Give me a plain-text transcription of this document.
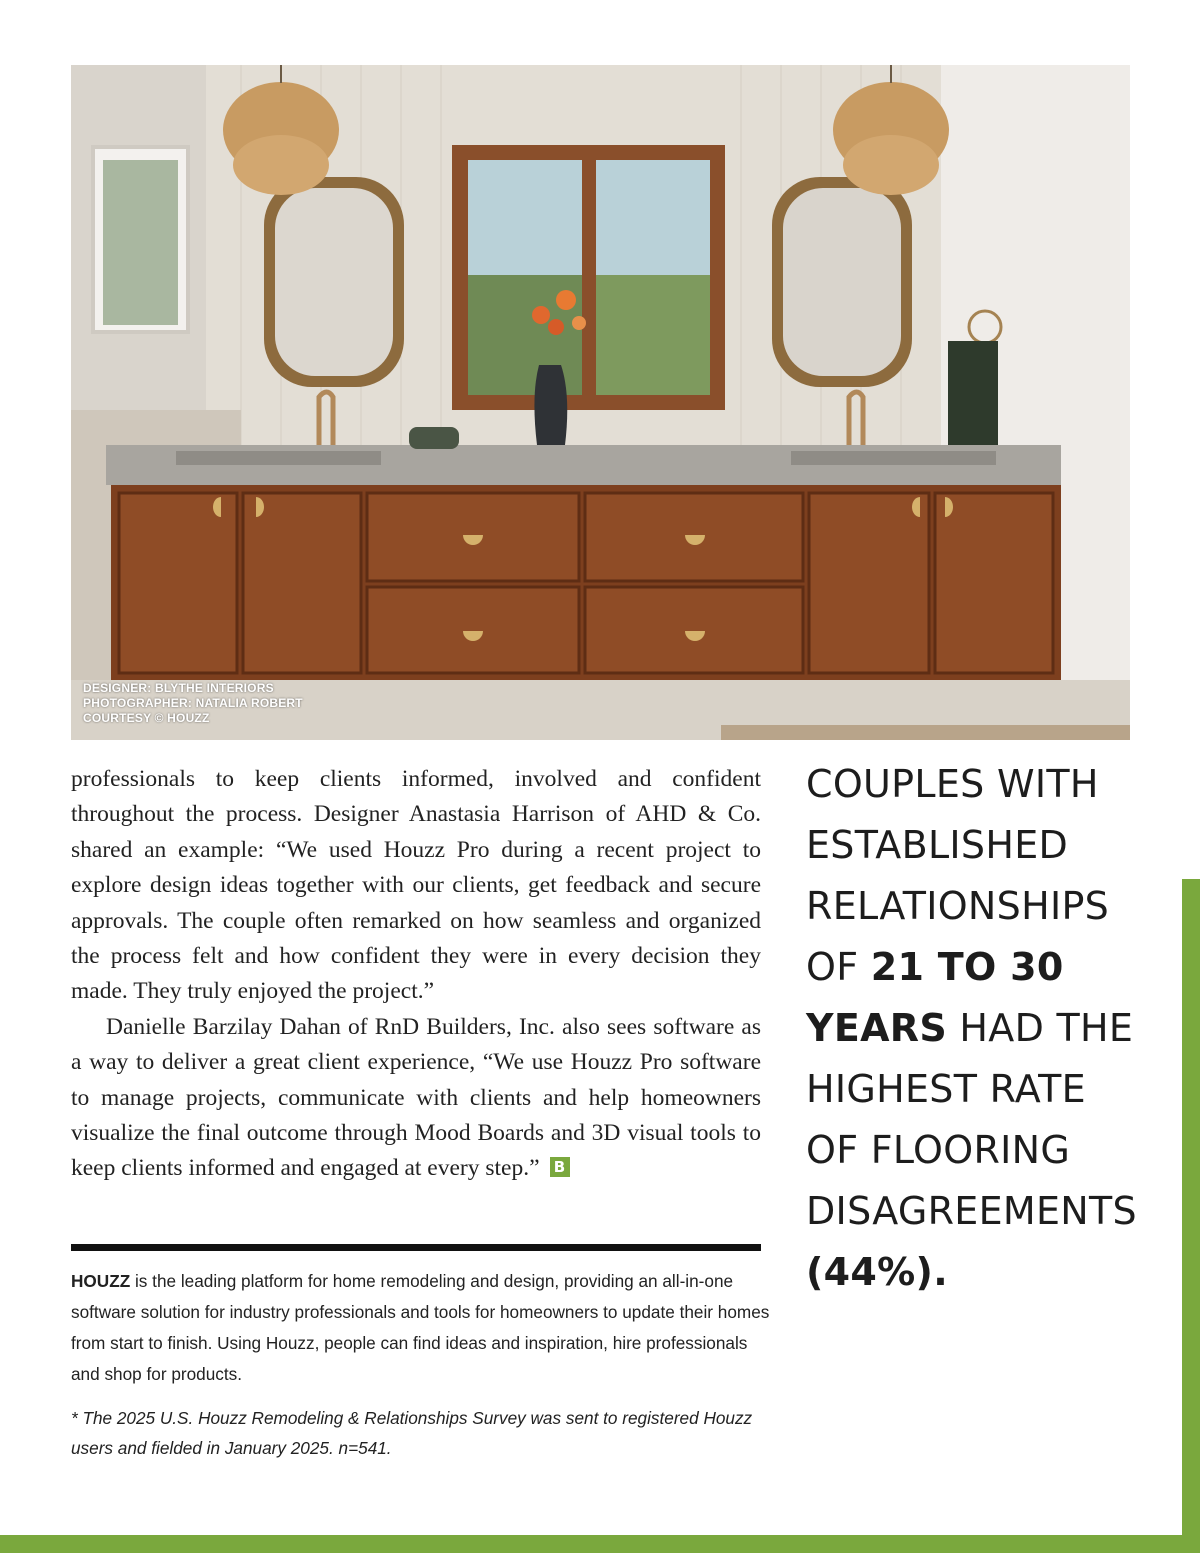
DESIGNER: BLYTHE INTERIORS
PHOTOGRAPHER: NATALIA ROBERT
COURTESY © HOUZZ

professionals to keep clients informed, involved and confident throughout the process. Designer Anastasia Harrison of AHD & Co. shared an example: “We used Houzz Pro during a recent project to explore design ideas together with our clients, get feedback and secure approvals. The couple often remarked on how seamless and organized the process felt and how confident they were in every decision they made. They truly enjoyed the project.”

Danielle Barzilay Dahan of RnD Builders, Inc. also sees software as a way to deliver a great client experience, “We use Houzz Pro software to manage projects, communicate with clients and help homeowners visualize the final outcome through Mood Boards and 3D visual tools to keep clients informed and engaged at every step.” B

HOUZZ is the leading platform for home remodeling and design, providing an all-in-one software solution for industry professionals and tools for homeowners to update their homes from start to finish. Using Houzz, people can find ideas and inspiration, hire professionals and shop for products.

* The 2025 U.S. Houzz Remodeling & Relationships Survey was sent to registered Houzz users and fielded in January 2025. n=541.

COUPLES WITH
ESTABLISHED
RELATIONSHIPS
OF 21 TO 30
YEARS HAD THE
HIGHEST RATE
OF FLOORING
DISAGREEMENTS
(44%).
